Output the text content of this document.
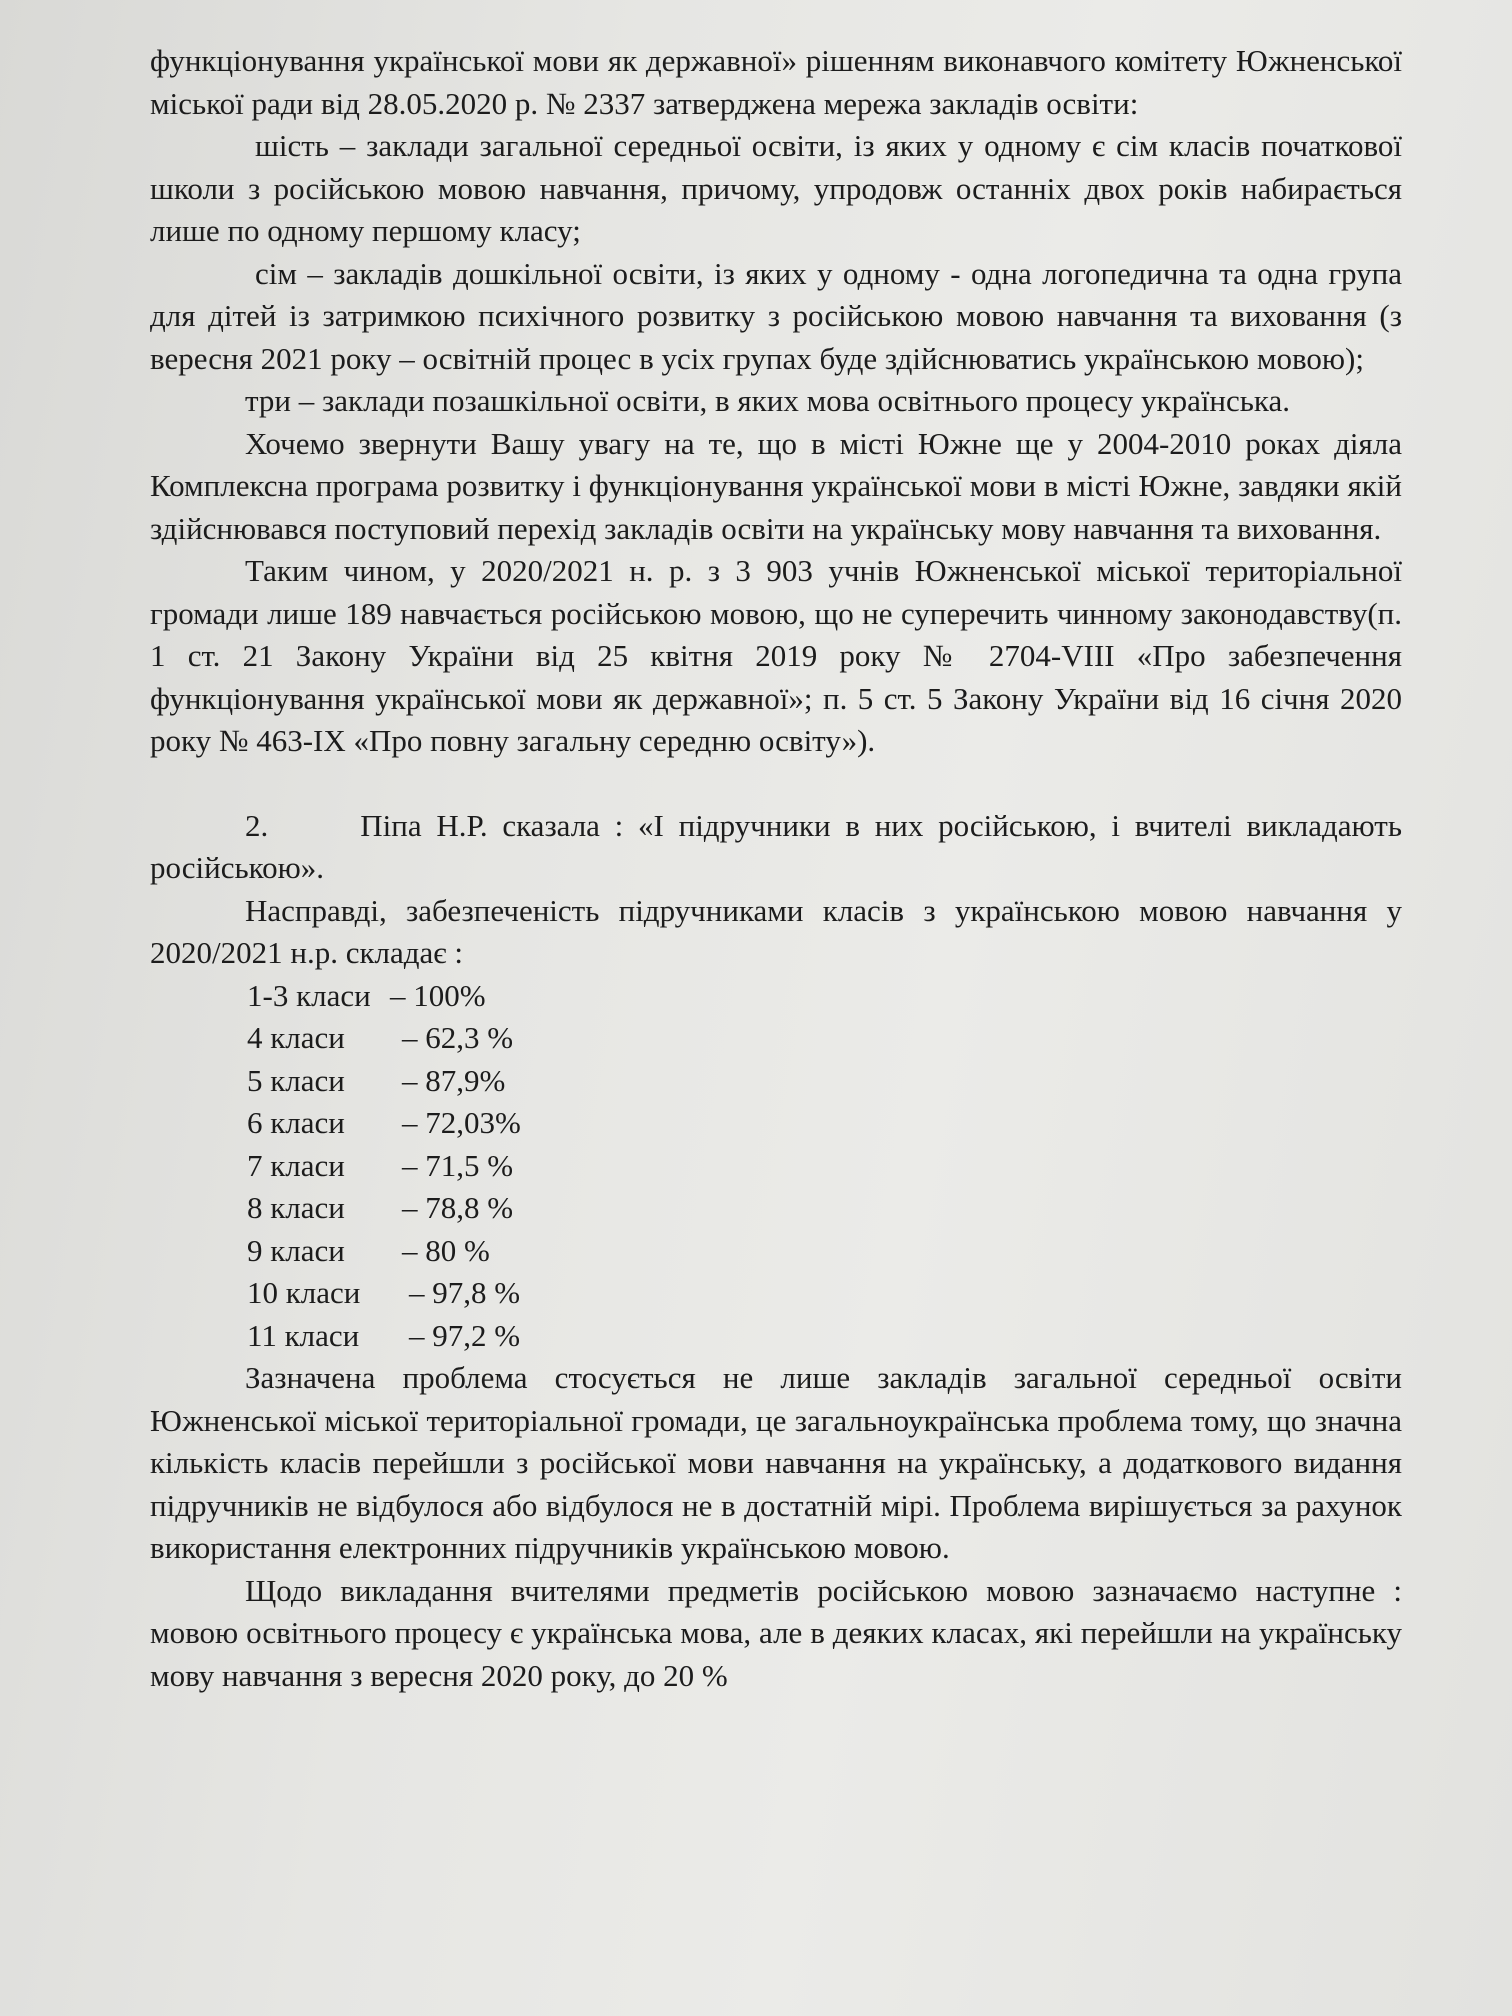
функціонування української мови як державної» рішенням виконавчого комітету Южненської міської ради від 28.05.2020 р. № 2337 затверджена мережа закладів освіти:

шість – заклади загальної середньої освіти, із яких у одному є сім класів початкової школи з російською мовою навчання, причому, упродовж останніх двох років набирається лише по одному першому класу;

сім – закладів дошкільної освіти, із яких у одному - одна логопедична та одна група для дітей із затримкою психічного розвитку з російською мовою навчання та виховання (з вересня 2021 року – освітній процес в усіх групах буде здійснюватись українською мовою);

три – заклади позашкільної освіти, в яких мова освітнього процесу українська.

Хочемо звернути Вашу увагу на те, що в місті Южне ще у 2004-2010 роках діяла Комплексна програма розвитку і функціонування української мови в місті Южне, завдяки якій здійснювався поступовий перехід закладів освіти на українську мову навчання та виховання.

Таким чином, у 2020/2021 н. р. з 3 903 учнів Южненської міської територіальної громади лише 189 навчається російською мовою, що не суперечить чинному законодавству(п. 1 ст. 21 Закону України від 25 квітня 2019 року № 2704-VIII «Про забезпечення функціонування української мови як державної»; п. 5 ст. 5 Закону України від 16 січня 2020 року № 463-IX «Про повну загальну середню освіту»).

2.	Піпа Н.Р. сказала : «І підручники в них російською, і вчителі викладають російською».

Насправді, забезпеченість підручниками класів з українською мовою навчання у 2020/2021 н.р. складає :

1-3 класи – 100%
4 класи – 62,3 %
5 класи – 87,9%
6 класи – 72,03%
7 класи – 71,5 %
8 класи – 78,8 %
9 класи – 80 %
10 класи – 97,8 %
11 класи – 97,2 %

Зазначена проблема стосується не лише закладів загальної середньої освіти Южненської міської територіальної громади, це загальноукраїнська проблема тому, що значна кількість класів перейшли з російської мови навчання на українську, а додаткового видання підручників не відбулося або відбулося не в достатній мірі. Проблема вирішується за рахунок використання електронних підручників українською мовою.

Щодо викладання вчителями предметів російською мовою зазначаємо наступне : мовою освітнього процесу є українська мова, але в деяких класах, які перейшли на українську мову навчання з вересня 2020 року, до 20 %
